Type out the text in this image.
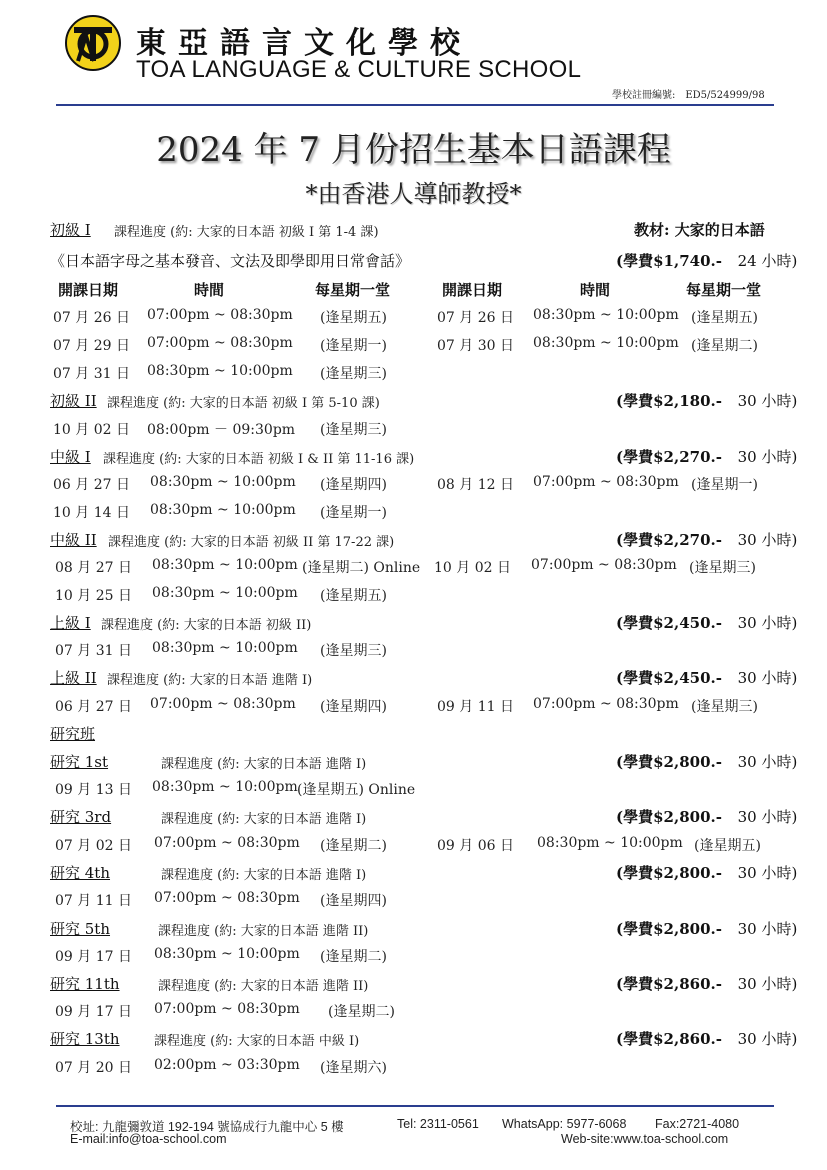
東亞語言文化學校
TOA LANGUAGE & CULTURE SCHOOL
學校註冊編號:　ED5/524999/98
2024 年 7 月份招生基本日語課程
*由香港人導師教授*
初級 I 課程進度 (約: 大家的日本語 初級 I 第 1-4 課)	教材: 大家的日本語
《日本語字母之基本發音、文法及即學即用日常會話》	(學費$1,740.- 24 小時)
開課日期	時間	每星期一堂	開課日期	時間	每星期一堂
07 月 26 日 07:00pm ~ 08:30pm (逢星期五)	07 月 26 日 08:30pm ~ 10:00pm (逢星期五)
07 月 29 日 07:00pm ~ 08:30pm (逢星期一)	07 月 30 日 08:30pm ~ 10:00pm (逢星期二)
07 月 31 日 08:30pm ~ 10:00pm (逢星期三)
初級 II 課程進度 (約: 大家的日本語 初級 I 第 5-10 課)	(學費$2,180.- 30 小時)
10 月 02 日 08:00pm － 09:30pm (逢星期三)
中級 I 課程進度 (約: 大家的日本語 初級 I & II 第 11-16 課)	(學費$2,270.- 30 小時)
06 月 27 日 08:30pm ~ 10:00pm (逢星期四)	08 月 12 日 07:00pm ~ 08:30pm (逢星期一)
10 月 14 日 08:30pm ~ 10:00pm (逢星期一)
中級 II 課程進度 (約: 大家的日本語 初級 II 第 17-22 課)	(學費$2,270.- 30 小時)
08 月 27 日 08:30pm ~ 10:00pm (逢星期二) Online 10 月 02 日 07:00pm ~ 08:30pm (逢星期三)
10 月 25 日 08:30pm ~ 10:00pm (逢星期五)
上級 I 課程進度 (約: 大家的日本語 初級 II)	(學費$2,450.- 30 小時)
07 月 31 日 08:30pm ~ 10:00pm (逢星期三)
上級 II 課程進度 (約: 大家的日本語 進階 I)	(學費$2,450.- 30 小時)
06 月 27 日 07:00pm ~ 08:30pm (逢星期四)	09 月 11 日 07:00pm ~ 08:30pm (逢星期三)
研究班
研究 1st	課程進度 (約: 大家的日本語 進階 I)	(學費$2,800.- 30 小時)
09 月 13 日 08:30pm ~ 10:00pm (逢星期五) Online
研究 3rd	課程進度 (約: 大家的日本語 進階 I)	(學費$2,800.- 30 小時)
07 月 02 日 07:00pm ~ 08:30pm (逢星期二)	09 月 06 日 08:30pm ~ 10:00pm (逢星期五)
研究 4th	課程進度 (約: 大家的日本語 進階 I)	(學費$2,800.- 30 小時)
07 月 11 日 07:00pm ~ 08:30pm (逢星期四)
研究 5th	課程進度 (約: 大家的日本語 進階 II)	(學費$2,800.- 30 小時)
09 月 17 日 08:30pm ~ 10:00pm (逢星期二)
研究 11th	課程進度 (約: 大家的日本語 進階 II)	(學費$2,860.- 30 小時)
09 月 17 日 07:00pm ~ 08:30pm (逢星期二)
研究 13th	課程進度 (約: 大家的日本語 中級 I)	(學費$2,860.- 30 小時)
07 月 20 日 02:00pm ~ 03:30pm (逢星期六)
校址: 九龍彌敦道 192-194 號協成行九龍中心 5 樓	Tel: 2311-0561 WhatsApp: 5977-6068 Fax:2721-4080
E-mail:info@toa-school.com	Web-site:www.toa-school.com
